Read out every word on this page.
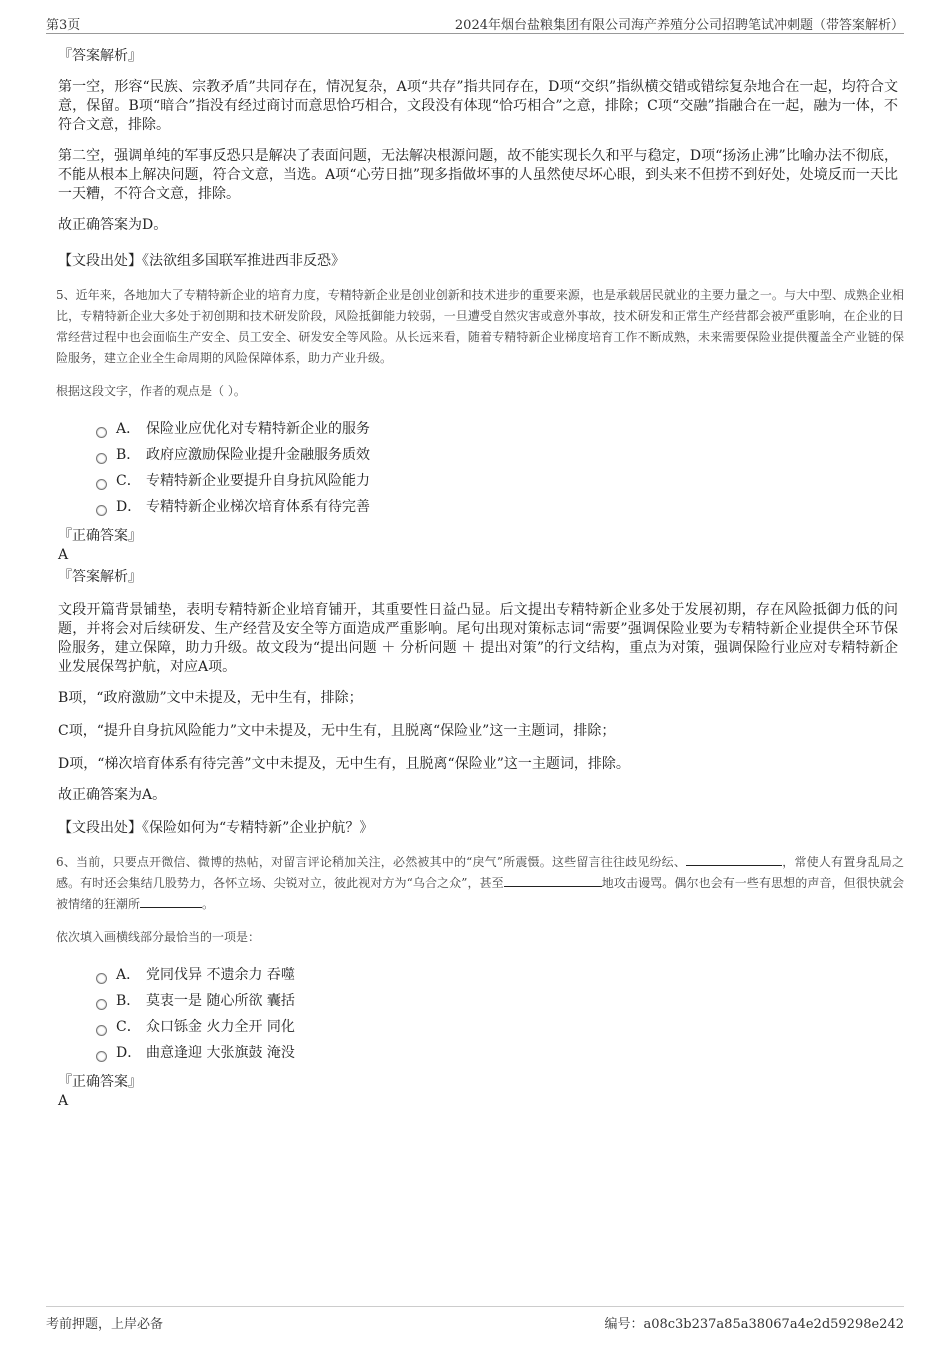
第3页	2024年烟台盐粮集团有限公司海产养殖分公司招聘笔试冲刺题（带答案解析）
『答案解析』
第一空，形容“民族、宗教矛盾”共同存在，情况复杂，A项“共存”指共同存在，D项“交织”指纵横交错或错综复杂地合在一起，均符合文意，保留。B项“暗合”指没有经过商讨而意思恰巧相合，文段没有体现“恰巧相合”之意，排除；C项“交融”指融合在一起，融为一体，不符合文意，排除。
第二空，强调单纯的军事反恐只是解决了表面问题，无法解决根源问题，故不能实现长久和平与稳定，D项“扬汤止沸”比喻办法不彻底，不能从根本上解决问题，符合文意，当选。A项“心劳日拙”现多指做坏事的人虽然使尽坏心眼，到头来不但捞不到好处，处境反而一天比一天糟，不符合文意，排除。
故正确答案为D。
【文段出处】《法欲组多国联军推进西非反恐》
5、近年来，各地加大了专精特新企业的培育力度，专精特新企业是创业创新和技术进步的重要来源，也是承载居民就业的主要力量之一。与大中型、成熟企业相比，专精特新企业大多处于初创期和技术研发阶段，风险抵御能力较弱，一旦遭受自然灾害或意外事故，技术研发和正常生产经营都会被严重影响，在企业的日常经营过程中也会面临生产安全、员工安全、研发安全等风险。从长远来看，随着专精特新企业梯度培育工作不断成熟，未来需要保险业提供覆盖全产业链的保险服务，建立企业全生命周期的风险保障体系，助力产业升级。
根据这段文字，作者的观点是（ ）。
A． 保险业应优化对专精特新企业的服务
B． 政府应激励保险业提升金融服务质效
C． 专精特新企业要提升自身抗风险能力
D． 专精特新企业梯次培育体系有待完善
『正确答案』
A
『答案解析』
文段开篇背景铺垫，表明专精特新企业培育铺开，其重要性日益凸显。后文提出专精特新企业多处于发展初期，存在风险抵御力低的问题，并将会对后续研发、生产经营及安全等方面造成严重影响。尾句出现对策标志词“需要”强调保险业要为专精特新企业提供全环节保险服务，建立保障，助力升级。故文段为“提出问题 ＋ 分析问题 ＋ 提出对策”的行文结构，重点为对策，强调保险行业应对专精特新企业发展保驾护航，对应A项。
B项，“政府激励”文中未提及，无中生有，排除；
C项，“提升自身抗风险能力”文中未提及，无中生有，且脱离“保险业”这一主题词，排除；
D项，“梯次培育体系有待完善”文中未提及，无中生有，且脱离“保险业”这一主题词，排除。
故正确答案为A。
【文段出处】《保险如何为“专精特新”企业护航？》
6、当前，只要点开微信、微博的热帖，对留言评论稍加关注，必然被其中的“戾气”所震慑。这些留言往往歧见纷纭、	，常使人有置身乱局之感。有时还会集结几股势力，各怀立场、尖锐对立，彼此视对方为“乌合之众”，甚至	地攻击谩骂。偶尔也会有一些有思想的声音，但很快就会被情绪的狂潮所	。
依次填入画横线部分最恰当的一项是：
A． 党同伐异 不遗余力 吞噬
B． 莫衷一是 随心所欲 囊括
C． 众口铄金 火力全开 同化
D． 曲意逢迎 大张旗鼓 淹没
『正确答案』
A
考前押题，上岸必备	编号：a08c3b237a85a38067a4e2d59298e242
